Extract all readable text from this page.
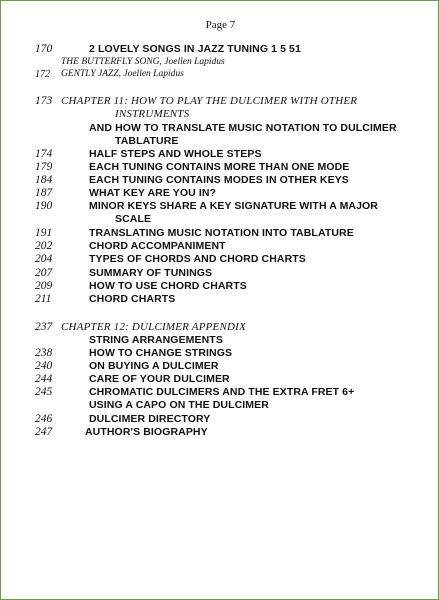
Page 7
170	2 LOVELY SONGS IN JAZZ TUNING 1 5 51
THE BUTTERFLY SONG, Joellen Lapidus
172 GENTLY JAZZ, Joellen Lapidus
173 CHAPTER 11: HOW TO PLAY THE DULCIMER WITH OTHER
INSTRUMENTS
AND HOW TO TRANSLATE MUSIC NOTATION TO DULCIMER
TABLATURE
174	HALF STEPS AND WHOLE STEPS
179	EACH TUNING CONTAINS MORE THAN ONE MODE
184	EACH TUNING CONTAINS MODES IN OTHER KEYS
187	WHAT KEY ARE YOU IN?
190	MINOR KEYS SHARE A KEY SIGNATURE WITH A MAJOR
SCALE
191	TRANSLATING MUSIC NOTATION INTO TABLATURE
202	CHORD ACCOMPANIMENT
204	TYPES OF CHORDS AND CHORD CHARTS
207	SUMMARY OF TUNINGS
209	HOW TO USE CHORD CHARTS
211	CHORD CHARTS
237 CHAPTER 12: DULCIMER APPENDIX
STRING ARRANGEMENTS
238	HOW TO CHANGE STRINGS
240	ON BUYING A DULCIMER
244	CARE OF YOUR DULCIMER
245	CHROMATIC DULCIMERS AND THE EXTRA FRET 6+
USING A CAPO ON THE DULCIMER
246	DULCIMER DIRECTORY
247	AUTHOR'S BIOGRAPHY
